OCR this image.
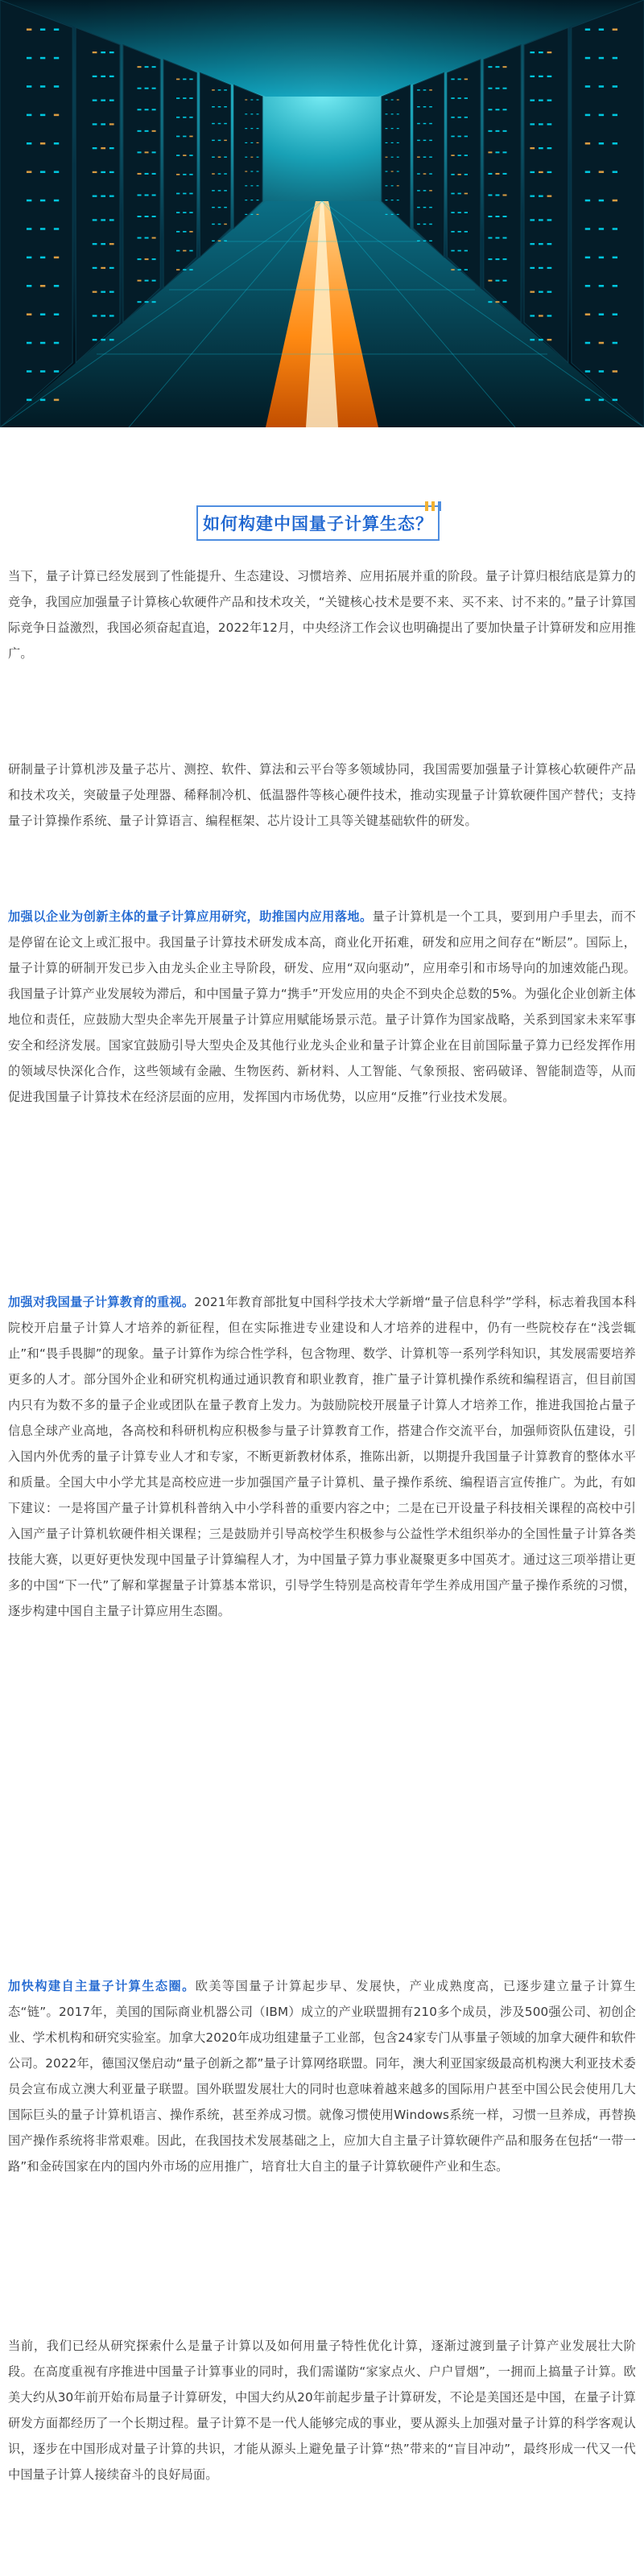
如何构建中国量子计算生态？

当下，量子计算已经发展到了性能提升、生态建设、习惯培养、应用拓展并重的阶段。量子计算归根结底是算力的竞争，我国应加强量子计算核心软硬件产品和技术攻关，“关键核心技术是要不来、买不来、讨不来的。”量子计算国际竞争日益激烈，我国必须奋起直追，2022年12月，中央经济工作会议也明确提出了要加快量子计算研发和应用推广。

研制量子计算机涉及量子芯片、测控、软件、算法和云平台等多领域协同，我国需要加强量子计算核心软硬件产品和技术攻关，突破量子处理器、稀释制冷机、低温器件等核心硬件技术，推动实现量子计算软硬件国产替代；支持量子计算操作系统、量子计算语言、编程框架、芯片设计工具等关键基础软件的研发。

加强以企业为创新主体的量子计算应用研究，助推国内应用落地。量子计算机是一个工具，要到用户手里去，而不是停留在论文上或汇报中。我国量子计算技术研发成本高，商业化开拓难，研发和应用之间存在“断层”。国际上，量子计算的研制开发已步入由龙头企业主导阶段，研发、应用“双向驱动”，应用牵引和市场导向的加速效能凸现。我国量子计算产业发展较为滞后，和中国量子算力“携手”开发应用的央企不到央企总数的5%。为强化企业创新主体地位和责任，应鼓励大型央企率先开展量子计算应用赋能场景示范。量子计算作为国家战略，关系到国家未来军事安全和经济发展。国家宜鼓励引导大型央企及其他行业龙头企业和量子计算企业在目前国际量子算力已经发挥作用的领域尽快深化合作，这些领域有金融、生物医药、新材料、人工智能、气象预报、密码破译、智能制造等，从而促进我国量子计算技术在经济层面的应用，发挥国内市场优势，以应用“反推”行业技术发展。

加强对我国量子计算教育的重视。2021年教育部批复中国科学技术大学新增“量子信息科学”学科，标志着我国本科院校开启量子计算人才培养的新征程，但在实际推进专业建设和人才培养的进程中，仍有一些院校存在“浅尝辄止”和“畏手畏脚”的现象。量子计算作为综合性学科，包含物理、数学、计算机等一系列学科知识，其发展需要培养更多的人才。部分国外企业和研究机构通过通识教育和职业教育，推广量子计算机操作系统和编程语言，但目前国内只有为数不多的量子企业或团队在量子教育上发力。为鼓励院校开展量子计算人才培养工作，推进我国抢占量子信息全球产业高地，各高校和科研机构应积极参与量子计算教育工作，搭建合作交流平台，加强师资队伍建设，引入国内外优秀的量子计算专业人才和专家，不断更新教材体系，推陈出新，以期提升我国量子计算教育的整体水平和质量。全国大中小学尤其是高校应进一步加强国产量子计算机、量子操作系统、编程语言宣传推广。为此，有如下建议：一是将国产量子计算机科普纳入中小学科普的重要内容之中；二是在已开设量子科技相关课程的高校中引入国产量子计算机软硬件相关课程；三是鼓励并引导高校学生积极参与公益性学术组织举办的全国性量子计算各类技能大赛，以更好更快发现中国量子计算编程人才，为中国量子算力事业凝聚更多中国英才。通过这三项举措让更多的中国“下一代”了解和掌握量子计算基本常识，引导学生特别是高校青年学生养成用国产量子操作系统的习惯，逐步构建中国自主量子计算应用生态圈。

加快构建自主量子计算生态圈。欧美等国量子计算起步早、发展快，产业成熟度高，已逐步建立量子计算生态“链”。2017年，美国的国际商业机器公司（IBM）成立的产业联盟拥有210多个成员，涉及500强公司、初创企业、学术机构和研究实验室。加拿大2020年成功组建量子工业部，包含24家专门从事量子领域的加拿大硬件和软件公司。2022年，德国汉堡启动“量子创新之都”量子计算网络联盟。同年，澳大利亚国家级最高机构澳大利亚技术委员会宣布成立澳大利亚量子联盟。国外联盟发展壮大的同时也意味着越来越多的国际用户甚至中国公民会使用几大国际巨头的量子计算机语言、操作系统，甚至养成习惯。就像习惯使用Windows系统一样，习惯一旦养成，再替换国产操作系统将非常艰难。因此，在我国技术发展基础之上，应加大自主量子计算软硬件产品和服务在包括“一带一路”和金砖国家在内的国内外市场的应用推广，培育壮大自主的量子计算软硬件产业和生态。

当前，我们已经从研究探索什么是量子计算以及如何用量子特性优化计算，逐渐过渡到量子计算产业发展壮大阶段。在高度重视有序推进中国量子计算事业的同时，我们需谨防“家家点火、户户冒烟”，一拥而上搞量子计算。欧美大约从30年前开始布局量子计算研发，中国大约从20年前起步量子计算研发，不论是美国还是中国，在量子计算研发方面都经历了一个长期过程。量子计算不是一代人能够完成的事业，要从源头上加强对量子计算的科学客观认识，逐步在中国形成对量子计算的共识，才能从源头上避免量子计算“热”带来的“盲目冲动”，最终形成一代又一代中国量子计算人接续奋斗的良好局面。
